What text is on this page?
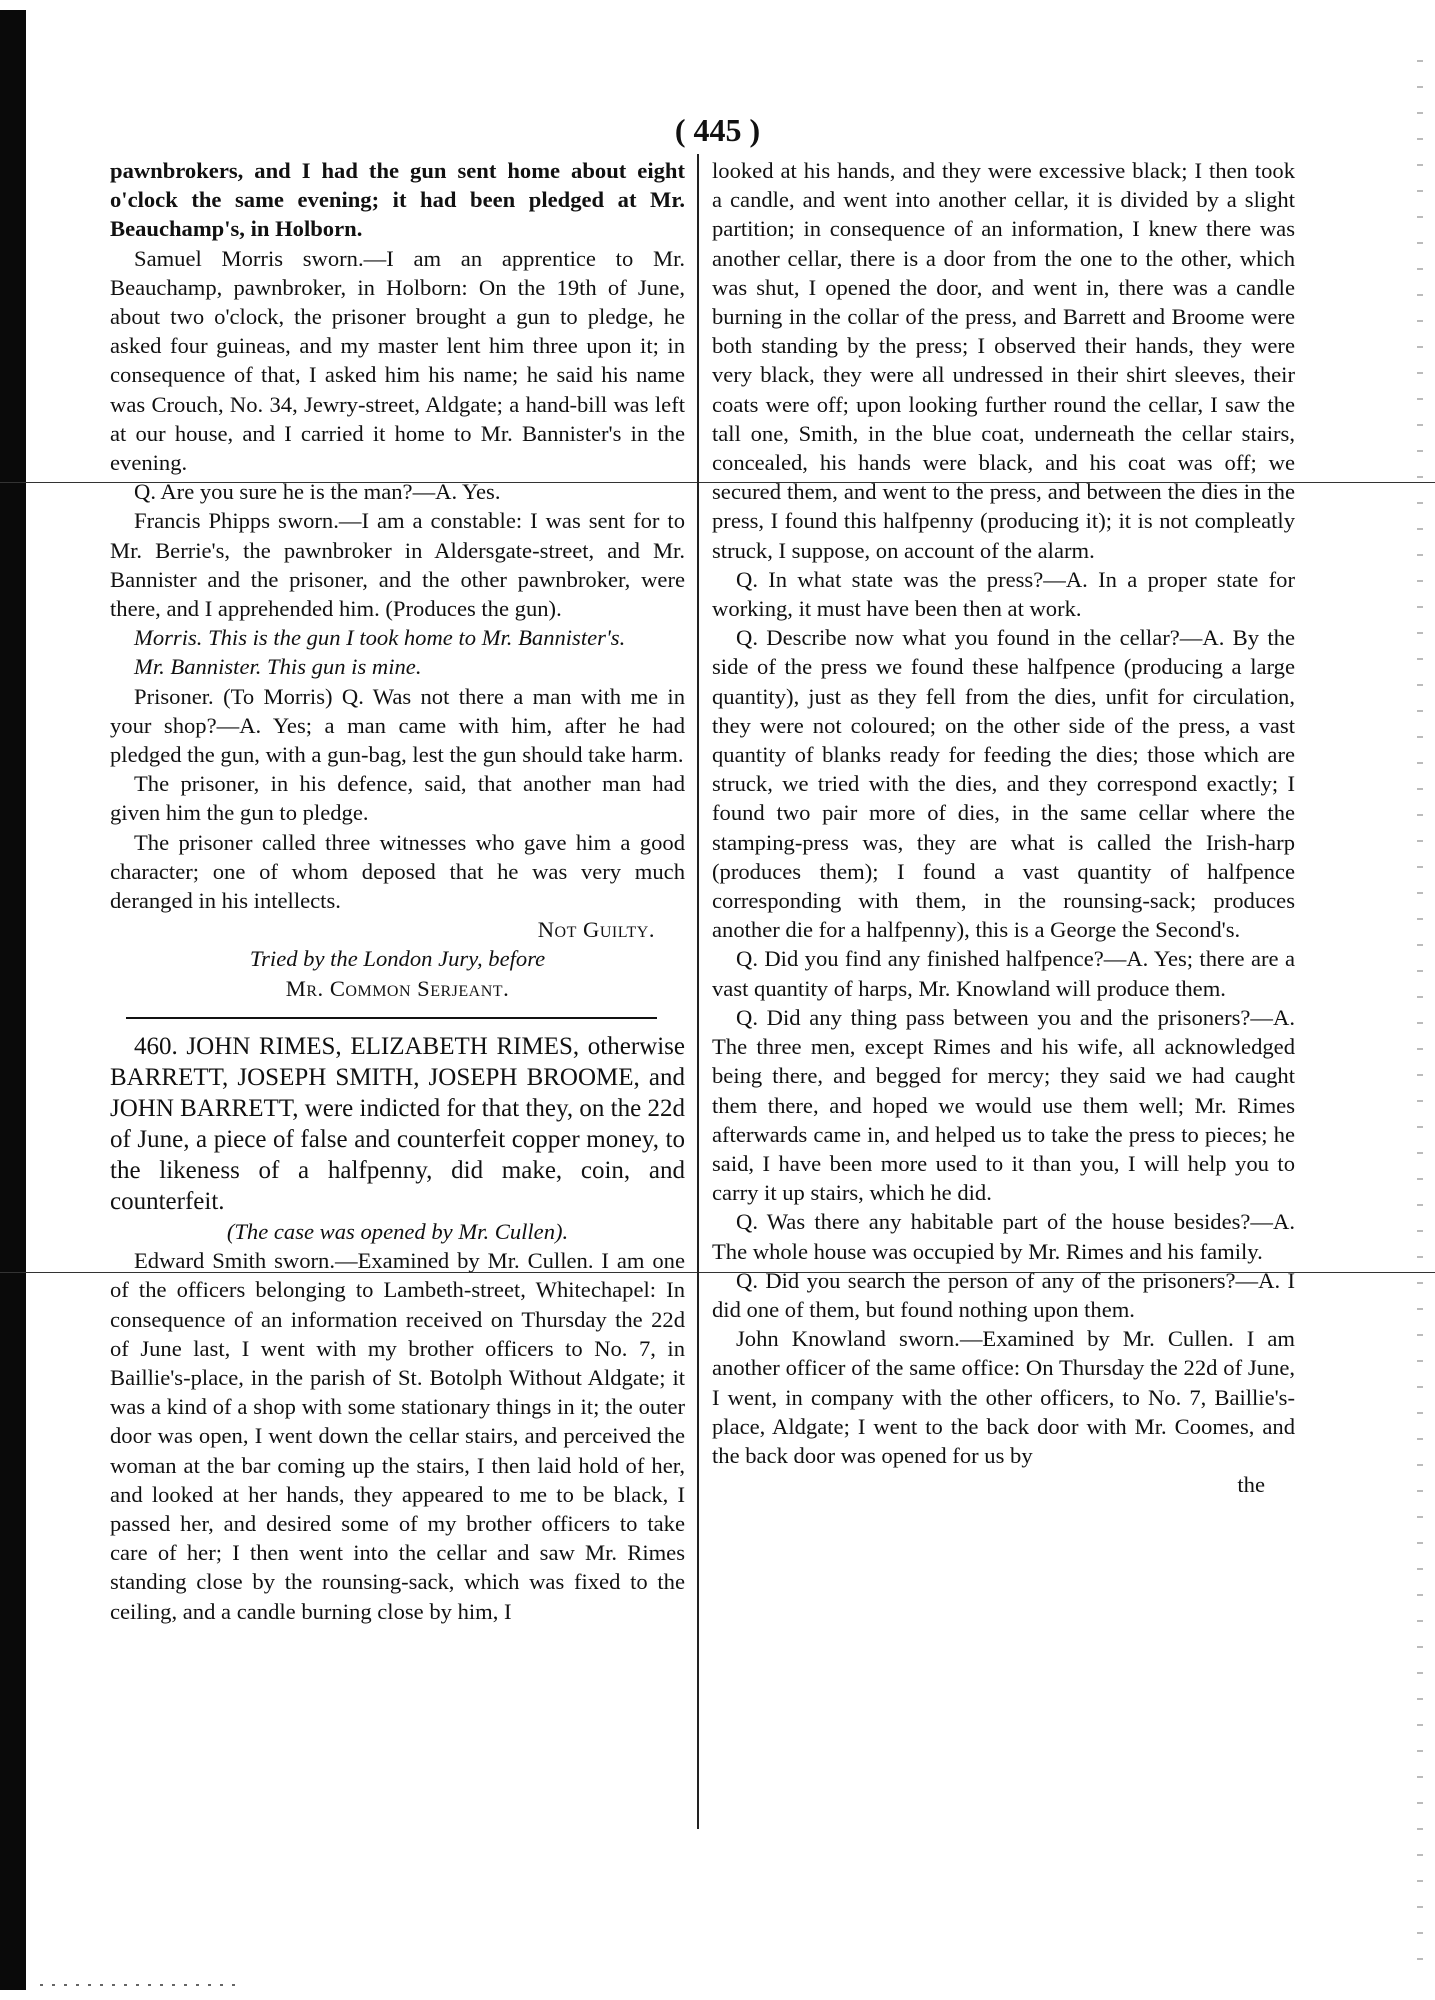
( 445 )

pawnbrokers, and I had the gun sent home about eight o'clock the same evening; it had been pledged at Mr. Beauchamp's, in Holborn.

Samuel Morris sworn.—I am an apprentice to Mr. Beauchamp, pawnbroker, in Holborn: On the 19th of June, about two o'clock, the prisoner brought a gun to pledge, he asked four guineas, and my master lent him three upon it; in consequence of that, I asked him his name; he said his name was Crouch, No. 34, Jewry-street, Aldgate; a hand-bill was left at our house, and I carried it home to Mr. Bannister's in the evening.

Q. Are you sure he is the man?—A. Yes.

Francis Phipps sworn.—I am a constable: I was sent for to Mr. Berrie's, the pawnbroker in Aldersgate-street, and Mr. Bannister and the prisoner, and the other pawnbroker, were there, and I apprehended him. (Produces the gun).

Morris. This is the gun I took home to Mr. Bannister's.

Mr. Bannister. This gun is mine.

Prisoner. (To Morris) Q. Was not there a man with me in your shop?—A. Yes; a man came with him, after he had pledged the gun, with a gun-bag, lest the gun should take harm.

The prisoner, in his defence, said, that another man had given him the gun to pledge.

The prisoner called three witnesses who gave him a good character; one of whom deposed that he was very much deranged in his intellects.

Not Guilty.

Tried by the London Jury, before

Mr. Common Serjeant.

460. JOHN RIMES, ELIZABETH RIMES, otherwise BARRETT, JOSEPH SMITH, JOSEPH BROOME, and JOHN BARRETT, were indicted for that they, on the 22d of June, a piece of false and counterfeit copper money, to the likeness of a halfpenny, did make, coin, and counterfeit.

(The case was opened by Mr. Cullen).

Edward Smith sworn.—Examined by Mr. Cullen. I am one of the officers belonging to Lambeth-street, Whitechapel: In consequence of an information received on Thursday the 22d of June last, I went with my brother officers to No. 7, in Baillie's-place, in the parish of St. Botolph Without Aldgate; it was a kind of a shop with some stationary things in it; the outer door was open, I went down the cellar stairs, and perceived the woman at the bar coming up the stairs, I then laid hold of her, and looked at her hands, they appeared to me to be black, I passed her, and desired some of my brother officers to take care of her; I then went into the cellar and saw Mr. Rimes standing close by the rounsing-sack, which was fixed to the ceiling, and a candle burning close by him, I

looked at his hands, and they were excessive black; I then took a candle, and went into another cellar, it is divided by a slight partition; in consequence of an information, I knew there was another cellar, there is a door from the one to the other, which was shut, I opened the door, and went in, there was a candle burning in the collar of the press, and Barrett and Broome were both standing by the press; I observed their hands, they were very black, they were all undressed in their shirt sleeves, their coats were off; upon looking further round the cellar, I saw the tall one, Smith, in the blue coat, underneath the cellar stairs, concealed, his hands were black, and his coat was off; we secured them, and went to the press, and between the dies in the press, I found this halfpenny (producing it); it is not compleatly struck, I suppose, on account of the alarm.

Q. In what state was the press?—A. In a proper state for working, it must have been then at work.

Q. Describe now what you found in the cellar?—A. By the side of the press we found these halfpence (producing a large quantity), just as they fell from the dies, unfit for circulation, they were not coloured; on the other side of the press, a vast quantity of blanks ready for feeding the dies; those which are struck, we tried with the dies, and they correspond exactly; I found two pair more of dies, in the same cellar where the stamping-press was, they are what is called the Irish-harp (produces them); I found a vast quantity of halfpence corresponding with them, in the rounsing-sack; produces another die for a halfpenny), this is a George the Second's.

Q. Did you find any finished halfpence?—A. Yes; there are a vast quantity of harps, Mr. Knowland will produce them.

Q. Did any thing pass between you and the prisoners?—A. The three men, except Rimes and his wife, all acknowledged being there, and begged for mercy; they said we had caught them there, and hoped we would use them well; Mr. Rimes afterwards came in, and helped us to take the press to pieces; he said, I have been more used to it than you, I will help you to carry it up stairs, which he did.

Q. Was there any habitable part of the house besides?—A. The whole house was occupied by Mr. Rimes and his family.

Q. Did you search the person of any of the prisoners?—A. I did one of them, but found nothing upon them.

John Knowland sworn.—Examined by Mr. Cullen. I am another officer of the same office: On Thursday the 22d of June, I went, in company with the other officers, to No. 7, Baillie's-place, Aldgate; I went to the back door with Mr. Coomes, and the back door was opened for us by

the
